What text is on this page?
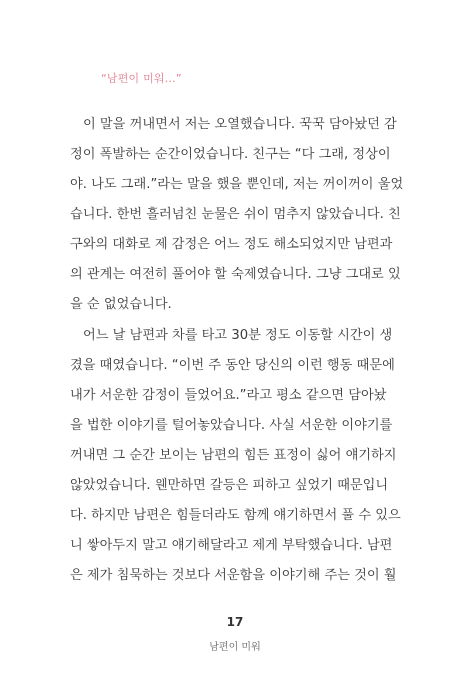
“남편이 미워...”
이 말을 꺼내면서 저는 오열했습니다. 꾹꾹 담아놨던 감
정이 폭발하는 순간이었습니다. 친구는 “다 그래, 정상이
야. 나도 그래.”라는 말을 했을 뿐인데, 저는 꺼이꺼이 울었
습니다. 한번 흘러넘친 눈물은 쉬이 멈추지 않았습니다. 친
구와의 대화로 제 감정은 어느 정도 해소되었지만 남편과
의 관계는 여전히 풀어야 할 숙제였습니다. 그냥 그대로 있
을 순 없었습니다.
어느 날 남편과 차를 타고 30분 정도 이동할 시간이 생
겼을 때였습니다. “이번 주 동안 당신의 이런 행동 때문에
내가 서운한 감정이 들었어요.”라고 평소 같으면 담아놨
을 법한 이야기를 털어놓았습니다. 사실 서운한 이야기를
꺼내면 그 순간 보이는 남편의 힘든 표정이 싫어 얘기하지
않았었습니다. 웬만하면 갈등은 피하고 싶었기 때문입니
다. 하지만 남편은 힘들더라도 함께 얘기하면서 풀 수 있으
니 쌓아두지 말고 얘기해달라고 제게 부탁했습니다. 남편
은 제가 침묵하는 것보다 서운함을 이야기해 주는 것이 훨
17
남편이 미워
